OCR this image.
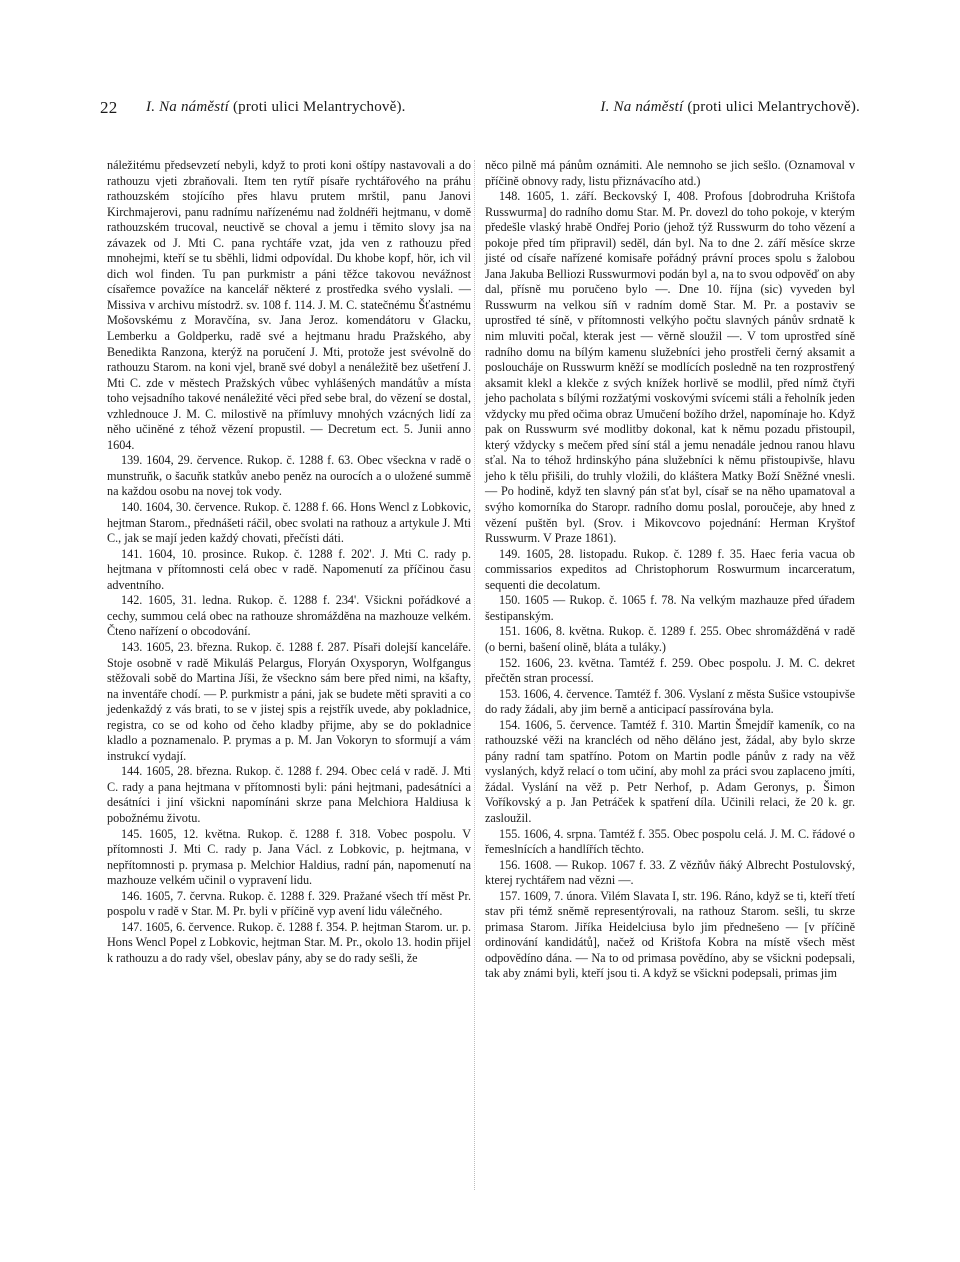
22 I. Na náměstí (proti ulici Melantrychově).	I. Na náměstí (proti ulici Melantrychově).

náležitému předsevzetí nebyli, když to proti koni oštípy nastavovali a do rathouzu vjeti zbraňovali. Item ten rytíř písaře rychtářového na práhu rathouzském stojícího přes hlavu prutem mrštil, panu Janovi Kirchmajerovi, panu radnímu nařízenému nad žoldnéři hejtmanu, v domě rathouzském trucoval, neuctivě se choval a jemu i těmito slovy jsa na závazek od J. Mti C. pana rychtáře vzat, jda ven z rathouzu před mnohejmi, kteří se tu sběhli, lidmi odpovídal. Du khobe kopf, hör, ich vil dich wol finden. Tu pan purkmistr a páni těžce takovou nevážnost císařemce považíce na kancelář některé z prostředka svého vyslali. — Missiva v archivu místodrž. sv. 108 f. 114. J. M. C. statečnému Šťastnému Mošovskému z Moravčína, sv. Jana Jeroz. komendátoru v Glacku, Lemberku a Goldperku, radě své a hejtmanu hradu Pražského, aby Benedikta Ranzona, kterýž na poručení J. Mti, protože jest svévolně do rathouzu Starom. na koni vjel, braně své dobyl a nenáležitě bez ušetření J. Mti C. zde v městech Pražských vůbec vyhlášených mandátův a místa toho vejsadního takové nenáležité věci před sebe bral, do vězení se dostal, vzhlednouce J. M. C. milostivě na přímluvy mnohých vzácných lidí za něho učiněné z téhož vězení propustil. — Decretum ect. 5. Junii anno 1604.

139. 1604, 29. července. Rukop. č. 1288 f. 63. Obec všeckna v radě o munstruňk, o šacuňk statkův anebo peněz na ourocích a o uložené summě na každou osobu na novej tok vody.

140. 1604, 30. července. Rukop. č. 1288 f. 66. Hons Wencl z Lobkovic, hejtman Starom., přednášeti ráčil, obec svolati na rathouz a artykule J. Mti C., jak se mají jeden každý chovati, přečísti dáti.

141. 1604, 10. prosince. Rukop. č. 1288 f. 202'. J. Mti C. rady p. hejtmana v přítomnosti celá obec v radě. Napomenutí za příčinou času adventního.

142. 1605, 31. ledna. Rukop. č. 1288 f. 234'. Všickni pořádkové a cechy, summou celá obec na rathouze shromážděna na mazhouze velkém. Čteno nařízení o obcodování.

143. 1605, 23. března. Rukop. č. 1288 f. 287. Písaři dolejší kanceláře. Stoje osobně v radě Mikuláš Pelargus, Floryán Oxysporyn, Wolfgangus stěžovali sobě do Martina Jíši, že všeckno sám bere před nimi, na kšafty, na inventáře chodí. — P. purkmistr a páni, jak se budete měti spraviti a co jedenkaždý z vás brati, to se v jistej spis a rejstřík uvede, aby pokladnice, registra, co se od koho od čeho kladby přijme, aby se do pokladnice kladlo a poznamenalo. P. prymas a p. M. Jan Vokoryn to sformují a vám instrukcí vydají.

144. 1605, 28. března. Rukop. č. 1288 f. 294. Obec celá v radě. J. Mti C. rady a pana hejtmana v přítomnosti byli: páni hejtmani, padesátníci a desátníci i jiní všickni napomínáni skrze pana Melchiora Haldiusa k pobožnému životu.

145. 1605, 12. května. Rukop. č. 1288 f. 318. Vobec pospolu. V přítomnosti J. Mti C. rady p. Jana Václ. z Lobkovic, p. hejtmana, v nepřítomnosti p. prymasa p. Melchior Haldius, radní pán, napomenutí na mazhouze velkém učinil o vypravení lidu.

146. 1605, 7. června. Rukop. č. 1288 f. 329. Pražané všech tří měst Pr. pospolu v radě v Star. M. Pr. byli v příčině vyp avení lidu válečného.

147. 1605, 6. července. Rukop. č. 1288 f. 354. P. hejtman Starom. ur. p. Hons Wencl Popel z Lobkovic, hejtman Star. M. Pr., okolo 13. hodin přijel k rathouzu a do rady všel, obeslav pány, aby se do rady sešli, že

něco pilně má pánům oznámiti. Ale nemnoho se jich sešlo. (Oznamoval v příčině obnovy rady, listu přiznávacího atd.)

148. 1605, 1. září. Beckovský I, 408. Profous [dobrodruha Krištofa Russwurma] do radního domu Star. M. Pr. dovezl do toho pokoje, v kterým předešle vlaský hrabě Ondřej Porio (jehož týž Russwurm do toho vězení a pokoje před tím připravil) seděl, dán byl. Na to dne 2. září měsíce skrze jisté od císaře nařízené komisaře pořádný právní proces spolu s žalobou Jana Jakuba Belliozi Russwurmovi podán byl a, na to svou odpověď on aby dal, přísně mu poručeno bylo —. Dne 10. října (sic) vyveden byl Russwurm na velkou síň v radním domě Star. M. Pr. a postaviv se uprostřed té síně, v přítomnosti velkýho počtu slavných pánův srdnatě k nim mluviti počal, kterak jest — věrně sloužil —. V tom uprostřed síně radního domu na bílým kamenu služebníci jeho prostřeli černý aksamit a posloucháje on Russwurm kněží se modlících posledně na ten rozprostřený aksamit klekl a klekče z svých knížek horlivě se modlil, před nímž čtyři jeho pacholata s bílými rozžatými voskovými svícemi stáli a řeholník jeden vždycky mu před očima obraz Umučení božího držel, napomínaje ho. Když pak on Russwurm své modlitby dokonal, kat k němu pozadu přistoupil, který vždycky s mečem před síní stál a jemu nenadále jednou ranou hlavu sťal. Na to téhož hrdinskýho pána služebníci k němu přistoupivše, hlavu jeho k tělu přišili, do truhly vložili, do kláštera Matky Boží Sněžné vnesli. — Po hodině, když ten slavný pán sťat byl, císař se na něho upamatoval a svýho komorníka do Staropr. radního domu poslal, poroučeje, aby hned z vězení puštěn byl. (Srov. i Mikovcovo pojednání: Herman Kryštof Russwurm. V Praze 1861).

149. 1605, 28. listopadu. Rukop. č. 1289 f. 35. Haec feria vacua ob commissarios expeditos ad Christophorum Roswurmum incarceratum, sequenti die decolatum.

150. 1605 — Rukop. č. 1065 f. 78. Na velkým mazhauze před úřadem šestipanským.

151. 1606, 8. května. Rukop. č. 1289 f. 255. Obec shromážděná v radě (o berni, bašení olině, bláta a tuláky.)

152. 1606, 23. května. Tamtéž f. 259. Obec pospolu. J. M. C. dekret přečtěn stran processí.

153. 1606, 4. července. Tamtéž f. 306. Vyslaní z města Sušice vstoupivše do rady žádali, aby jim berně a anticipací passírována byla.

154. 1606, 5. července. Tamtéž f. 310. Martin Šmejdíř kameník, co na rathouzské věži na krancléch od něho děláno jest, žádal, aby bylo skrze pány radní tam spatříno. Potom on Martin podle pánův z rady na věž vyslaných, když relací o tom učiní, aby mohl za práci svou zaplaceno jmíti, žádal. Vyslání na věž p. Petr Nerhof, p. Adam Geronys, p. Šimon Voříkovský a p. Jan Petráček k spatření díla. Učinili relaci, že 20 k. gr. zasloužil.

155. 1606, 4. srpna. Tamtéž f. 355. Obec pospolu celá. J. M. C. řádové o řemeslnících a handlířích těchto.

156. 1608. — Rukop. 1067 f. 33. Z vězňův ňáký Albrecht Postulovský, kterej rychtářem nad vězni —.

157. 1609, 7. února. Vilém Slavata I, str. 196. Ráno, když se ti, kteří třetí stav při témž sněmě representýrovali, na rathouz Starom. sešli, tu skrze primasa Starom. Jiříka Heidelciusa bylo jim přednešeno — [v příčině ordinování kandidátů], načež od Krištofa Kobra na místě všech měst odpovědíno dána. — Na to od primasa povědíno, aby se všickni podepsali, tak aby známi byli, kteří jsou ti. A když se všickni podepsali, primas jim
